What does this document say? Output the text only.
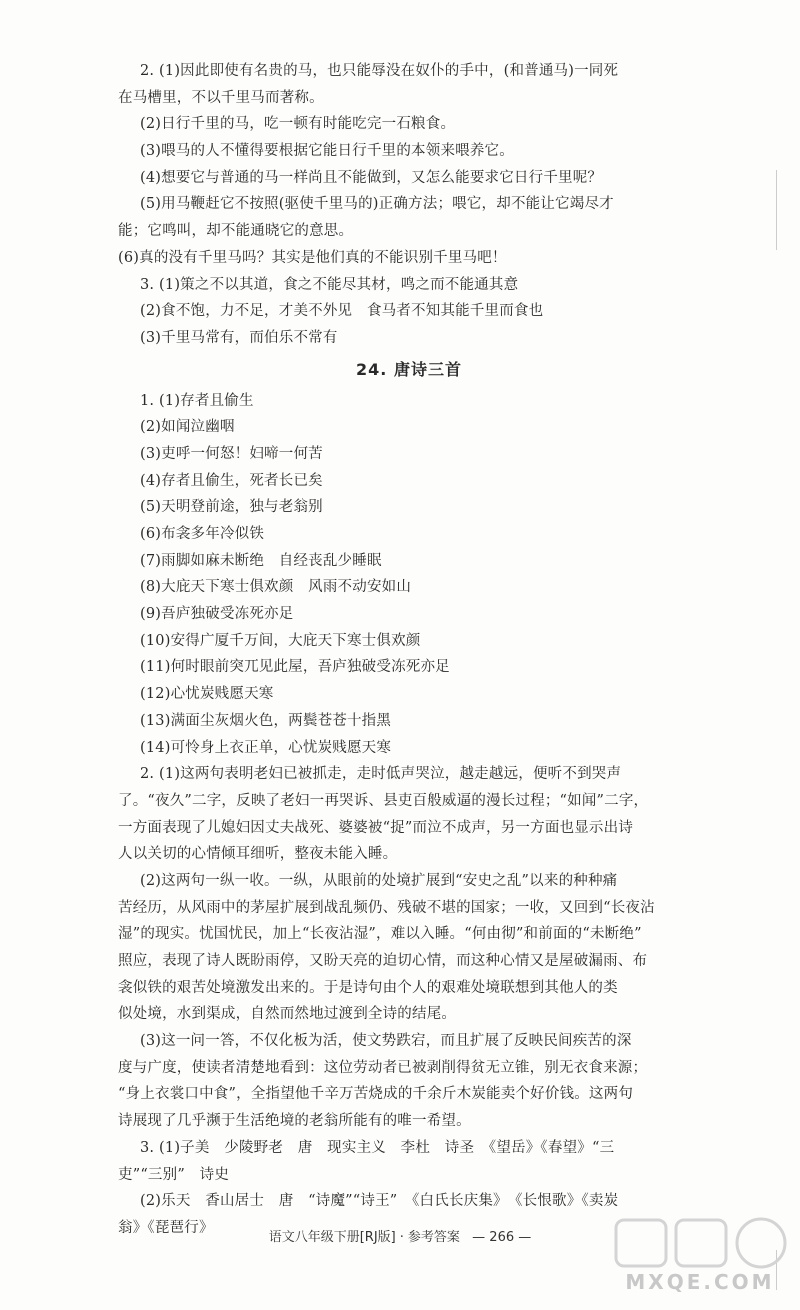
2. (1)因此即使有名贵的马，也只能辱没在奴仆的手中，(和普通马)一同死
在马槽里，不以千里马而著称。
(2)日行千里的马，吃一顿有时能吃完一石粮食。
(3)喂马的人不懂得要根据它能日行千里的本领来喂养它。
(4)想要它与普通的马一样尚且不能做到，又怎么能要求它日行千里呢？
(5)用马鞭赶它不按照(驱使千里马的)正确方法；喂它，却不能让它竭尽才
能；它鸣叫，却不能通晓它的意思。
(6)真的没有千里马吗？其实是他们真的不能识别千里马吧！
3. (1)策之不以其道，食之不能尽其材，鸣之而不能通其意
(2)食不饱，力不足，才美不外见　食马者不知其能千里而食也
(3)千里马常有，而伯乐不常有
24. 唐诗三首
1. (1)存者且偷生
(2)如闻泣幽咽
(3)吏呼一何怒！妇啼一何苦
(4)存者且偷生，死者长已矣
(5)天明登前途，独与老翁别
(6)布衾多年冷似铁
(7)雨脚如麻未断绝　自经丧乱少睡眠
(8)大庇天下寒士俱欢颜　风雨不动安如山
(9)吾庐独破受冻死亦足
(10)安得广厦千万间，大庇天下寒士俱欢颜
(11)何时眼前突兀见此屋，吾庐独破受冻死亦足
(12)心忧炭贱愿天寒
(13)满面尘灰烟火色，两鬓苍苍十指黑
(14)可怜身上衣正单，心忧炭贱愿天寒
2. (1)这两句表明老妇已被抓走，走时低声哭泣，越走越远，便听不到哭声
了。“夜久”二字，反映了老妇一再哭诉、县吏百般威逼的漫长过程；“如闻”二字，
一方面表现了儿媳妇因丈夫战死、婆婆被“捉”而泣不成声，另一方面也显示出诗
人以关切的心情倾耳细听，整夜未能入睡。
(2)这两句一纵一收。一纵，从眼前的处境扩展到“安史之乱”以来的种种痛
苦经历，从风雨中的茅屋扩展到战乱频仍、残破不堪的国家；一收，又回到“长夜沾
湿”的现实。忧国忧民，加上“长夜沾湿”，难以入睡。“何由彻”和前面的“未断绝”
照应，表现了诗人既盼雨停，又盼天亮的迫切心情，而这种心情又是屋破漏雨、布
衾似铁的艰苦处境激发出来的。于是诗句由个人的艰难处境联想到其他人的类
似处境，水到渠成，自然而然地过渡到全诗的结尾。
(3)这一问一答，不仅化板为活，使文势跌宕，而且扩展了反映民间疾苦的深
度与广度，使读者清楚地看到：这位劳动者已被剥削得贫无立锥，别无衣食来源；
“身上衣裳口中食”，全指望他千辛万苦烧成的千余斤木炭能卖个好价钱。这两句
诗展现了几乎濒于生活绝境的老翁所能有的唯一希望。
3. (1)子美　少陵野老　唐　现实主义　李杜　诗圣　《望岳》《春望》“三
吏”“三别”　诗史
(2)乐天　香山居士　唐　“诗魔”“诗王”　《白氏长庆集》　《长恨歌》《卖炭
翁》《琵琶行》
语文八年级下册[RJ版] · 参考答案 — 266 —
MXQE.COM
